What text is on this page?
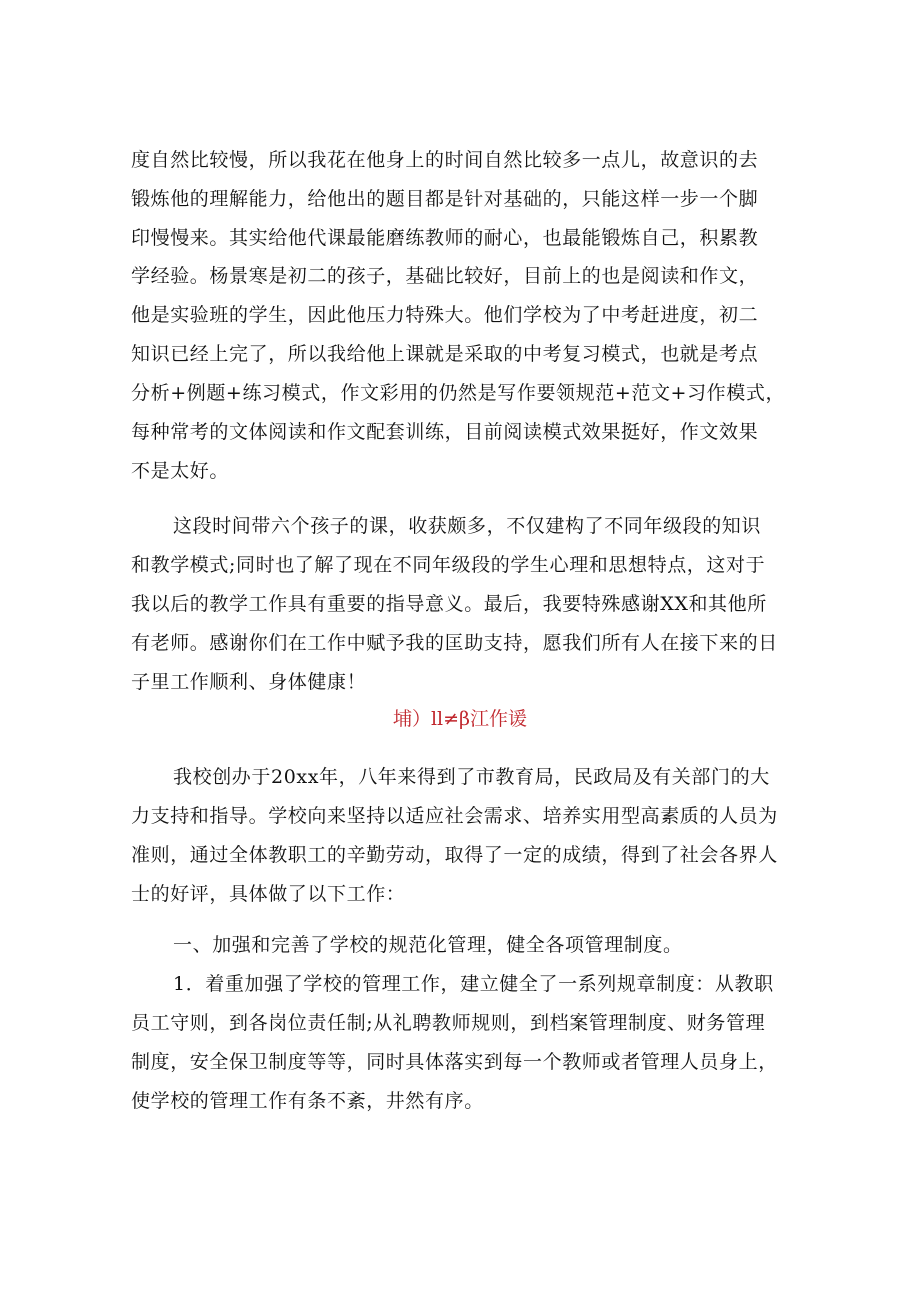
度自然比较慢，所以我花在他身上的时间自然比较多一点儿，故意识的去
锻炼他的理解能力，给他出的题目都是针对基础的，只能这样一步一个脚
印慢慢来。其实给他代课最能磨练教师的耐心，也最能锻炼自己，积累教
学经验。杨景寒是初二的孩子，基础比较好，目前上的也是阅读和作文，
他是实验班的学生，因此他压力特殊大。他们学校为了中考赶进度，初二
知识已经上完了，所以我给他上课就是采取的中考复习模式，也就是考点
分析+例题+练习模式，作文彩用的仍然是写作要领规范+范文+习作模式，
每种常考的文体阅读和作文配套训练，目前阅读模式效果挺好，作文效果
不是太好。
这段时间带六个孩子的课，收获颇多，不仅建构了不同年级段的知识
和教学模式;同时也了解了现在不同年级段的学生心理和思想特点，这对于
我以后的教学工作具有重要的指导意义。最后，我要特殊感谢XX和其他所
有老师。感谢你们在工作中赋予我的匡助支持，愿我们所有人在接下来的日
子里工作顺利、身体健康！
埔）ll≠β江作谖
我校创办于20xx年，八年来得到了市教育局，民政局及有关部门的大
力支持和指导。学校向来坚持以适应社会需求、培养实用型高素质的人员为
准则，通过全体教职工的辛勤劳动，取得了一定的成绩，得到了社会各界人
士的好评，具体做了以下工作：
一、加强和完善了学校的规范化管理，健全各项管理制度。
1．着重加强了学校的管理工作，建立健全了一系列规章制度：从教职
员工守则，到各岗位责任制;从礼聘教师规则，到档案管理制度、财务管理
制度，安全保卫制度等等，同时具体落实到每一个教师或者管理人员身上，
使学校的管理工作有条不紊，井然有序。
